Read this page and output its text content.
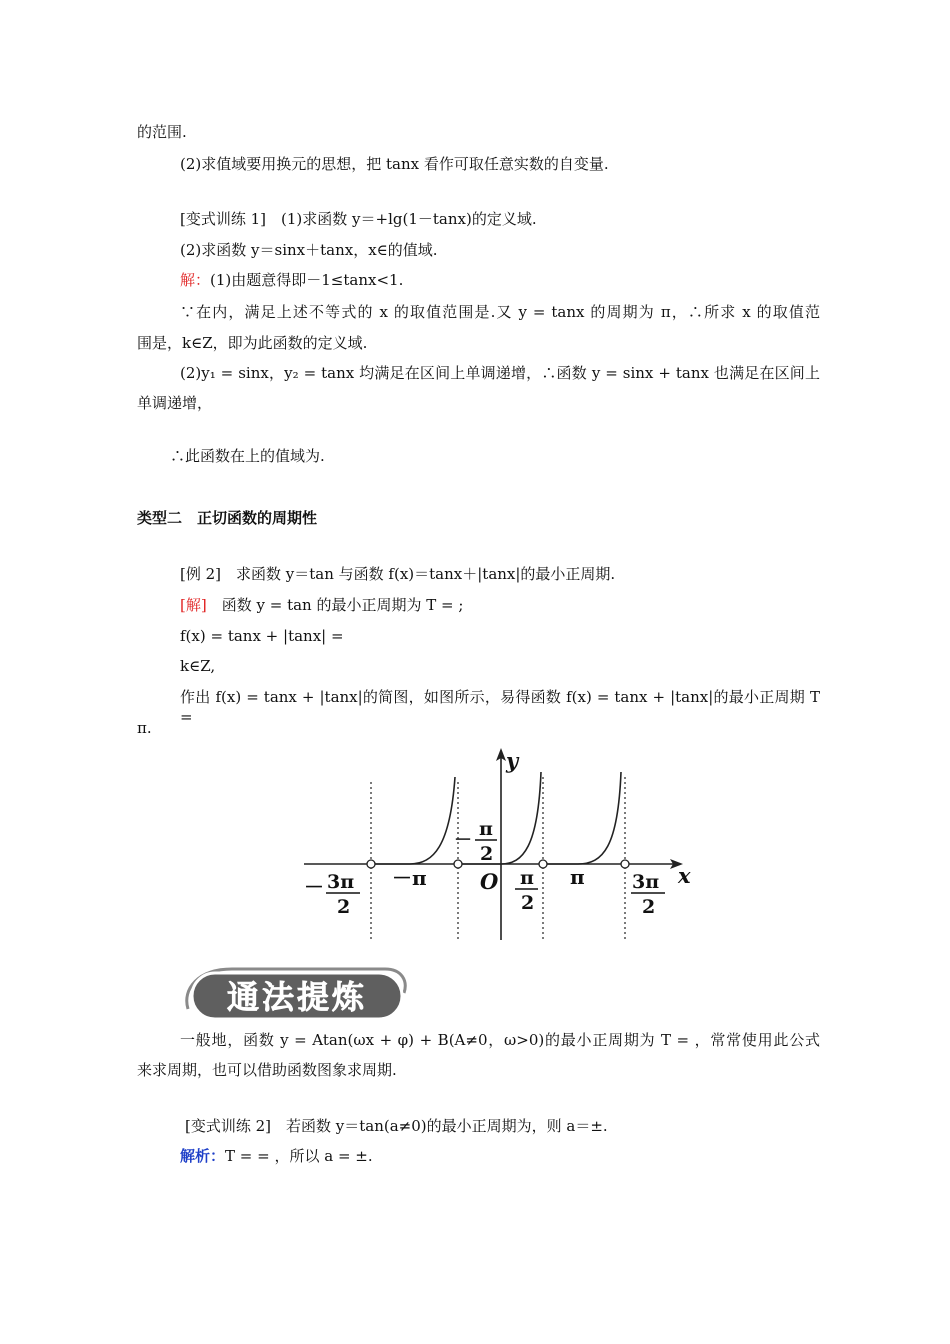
的范围.
(2)求值域要用换元的思想，把 tanx 看作可取任意实数的自变量.
[变式训练 1]　(1)求函数 y＝+lg(1－tanx)的定义域.
(2)求函数 y＝sinx＋tanx，x∈的值域.
解：(1)由题意得即－1≤tanx<1.
∵在内，满足上述不等式的 x 的取值范围是.又 y = tanx 的周期为 π，∴所求 x 的取值范
围是，k∈Z，即为此函数的定义域.
(2)y₁ = sinx，y₂ = tanx 均满足在区间上单调递增，∴函数 y = sinx + tanx 也满足在区间上
单调递增，
∴此函数在上的值域为.
类型二　正切函数的周期性
[例 2]　求函数 y＝tan 与函数 f(x)＝tanx＋|tanx|的最小正周期.
[解]　函数 y = tan 的最小正周期为 T = ;
f(x) = tanx + |tanx| =
k∈Z,
作出 f(x) = tanx + |tanx|的简图，如图所示，易得函数 f(x) = tanx + |tanx|的最小正周期 T =
π.
y
x
O
－ 3π
2
－π
－
π
2
π
2
π 3π
2
通法提炼
一般地，函数 y = Atan(ωx + φ) + B(A≠0，ω>0)的最小正周期为 T = ，常常使用此公式
来求周期，也可以借助函数图象求周期.
[变式训练 2]　若函数 y＝tan(a≠0)的最小正周期为，则 a＝±.
解析：T = = ，所以 a = ±.
